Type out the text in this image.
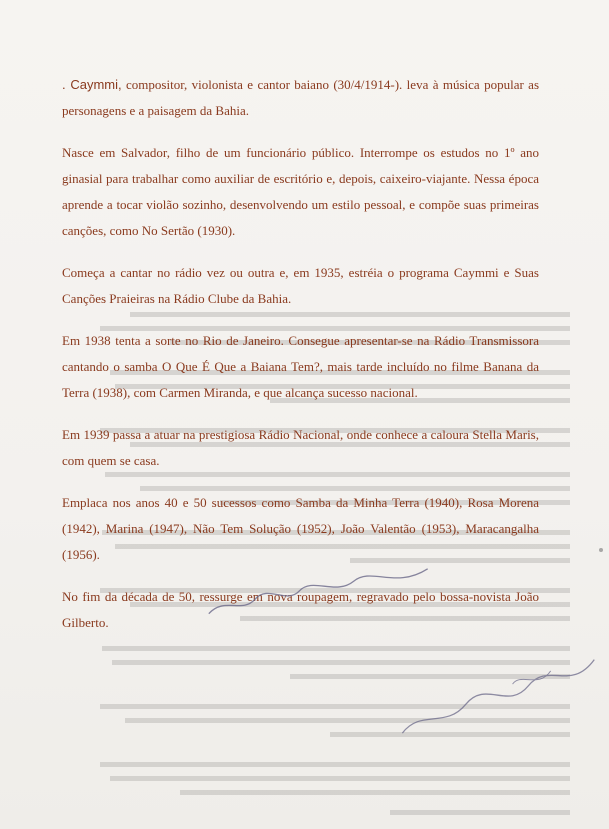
. Caymmi, compositor, violonista e cantor baiano (30/4/1914-). leva à música popular as personagens e a paisagem da Bahia.

Nasce em Salvador, filho de um funcionário público. Interrompe os estudos no 1º ano ginasial para trabalhar como auxiliar de escritório e, depois, caixeiro-viajante. Nessa época aprende a tocar violão sozinho, desenvolvendo um estilo pessoal, e compõe suas primeiras canções, como No Sertão (1930).

Começa a cantar no rádio vez ou outra e, em 1935, estréia o programa Caymmi e Suas Canções Praieiras na Rádio Clube da Bahia.

Em 1938 tenta a sorte no Rio de Janeiro. Consegue apresentar-se na Rádio Transmissora cantando o samba O Que É Que a Baiana Tem?, mais tarde incluído no filme Banana da Terra (1938), com Carmen Miranda, e que alcança sucesso nacional.

Em 1939 passa a atuar na prestigiosa Rádio Nacional, onde conhece a caloura Stella Maris, com quem se casa.

Emplaca nos anos 40 e 50 sucessos como Samba da Minha Terra (1940), Rosa Morena (1942), Marina (1947), Não Tem Solução (1952), João Valentão (1953), Maracangalha (1956).

No fim da década de 50, ressurge em nova roupagem, regravado pelo bossa-novista João Gilberto.
